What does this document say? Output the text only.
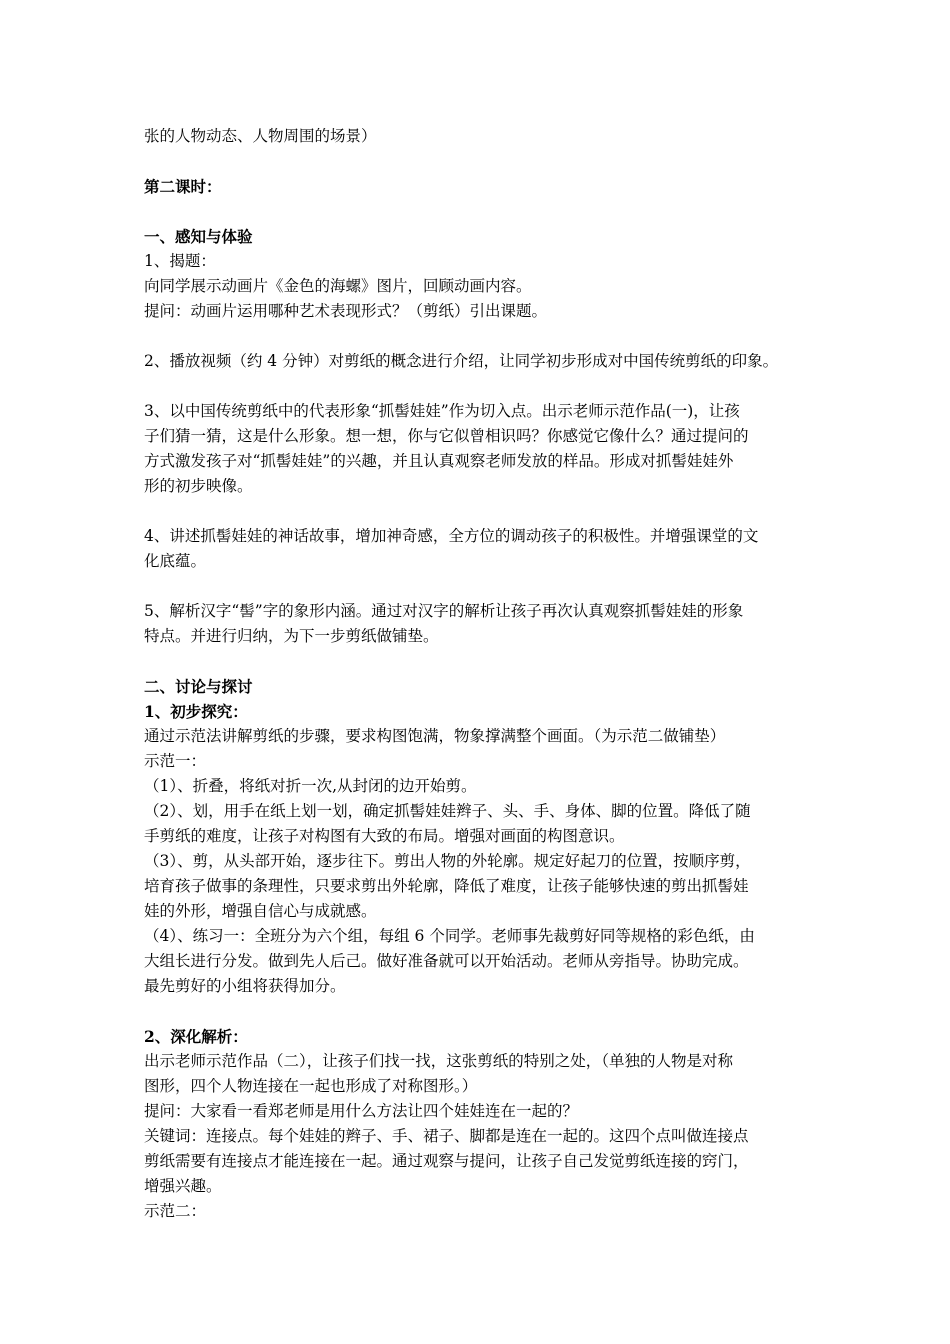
张的人物动态、人物周围的场景）
第二课时：
一、感知与体验
1、揭题：
向同学展示动画片《金色的海螺》图片，回顾动画内容。
提问：动画片运用哪种艺术表现形式？（剪纸）引出课题。
2、播放视频（约 4 分钟）对剪纸的概念进行介绍，让同学初步形成对中国传统剪纸的印象。
3、以中国传统剪纸中的代表形象“抓髻娃娃”作为切入点。出示老师示范作品(一)，让孩
子们猜一猜，这是什么形象。想一想，你与它似曾相识吗？你感觉它像什么？通过提问的
方式激发孩子对“抓髻娃娃”的兴趣，并且认真观察老师发放的样品。形成对抓髻娃娃外
形的初步映像。
4、讲述抓髻娃娃的神话故事，增加神奇感，全方位的调动孩子的积极性。并增强课堂的文
化底蕴。
5、解析汉字“髻”字的象形内涵。通过对汉字的解析让孩子再次认真观察抓髻娃娃的形象
特点。并进行归纳，为下一步剪纸做铺垫。
二、讨论与探讨
1、初步探究：
通过示范法讲解剪纸的步骤，要求构图饱满，物象撑满整个画面。（为示范二做铺垫）
示范一：
（1）、折叠，将纸对折一次,从封闭的边开始剪。
（2）、划，用手在纸上划一划，确定抓髻娃娃辫子、头、手、身体、脚的位置。降低了随
手剪纸的难度，让孩子对构图有大致的布局。增强对画面的构图意识。
（3）、剪，从头部开始，逐步往下。剪出人物的外轮廓。规定好起刀的位置，按顺序剪，
培育孩子做事的条理性，只要求剪出外轮廓，降低了难度，让孩子能够快速的剪出抓髻娃
娃的外形，增强自信心与成就感。
（4）、练习一：全班分为六个组，每组 6 个同学。老师事先裁剪好同等规格的彩色纸，由
大组长进行分发。做到先人后己。做好准备就可以开始活动。老师从旁指导。协助完成。
最先剪好的小组将获得加分。
2、深化解析：
出示老师示范作品（二），让孩子们找一找，这张剪纸的特别之处，（单独的人物是对称
图形，四个人物连接在一起也形成了对称图形。）
提问：大家看一看郑老师是用什么方法让四个娃娃连在一起的？
关键词：连接点。每个娃娃的辫子、手、裙子、脚都是连在一起的。这四个点叫做连接点
剪纸需要有连接点才能连接在一起。通过观察与提问，让孩子自己发觉剪纸连接的窍门，
增强兴趣。
示范二：
